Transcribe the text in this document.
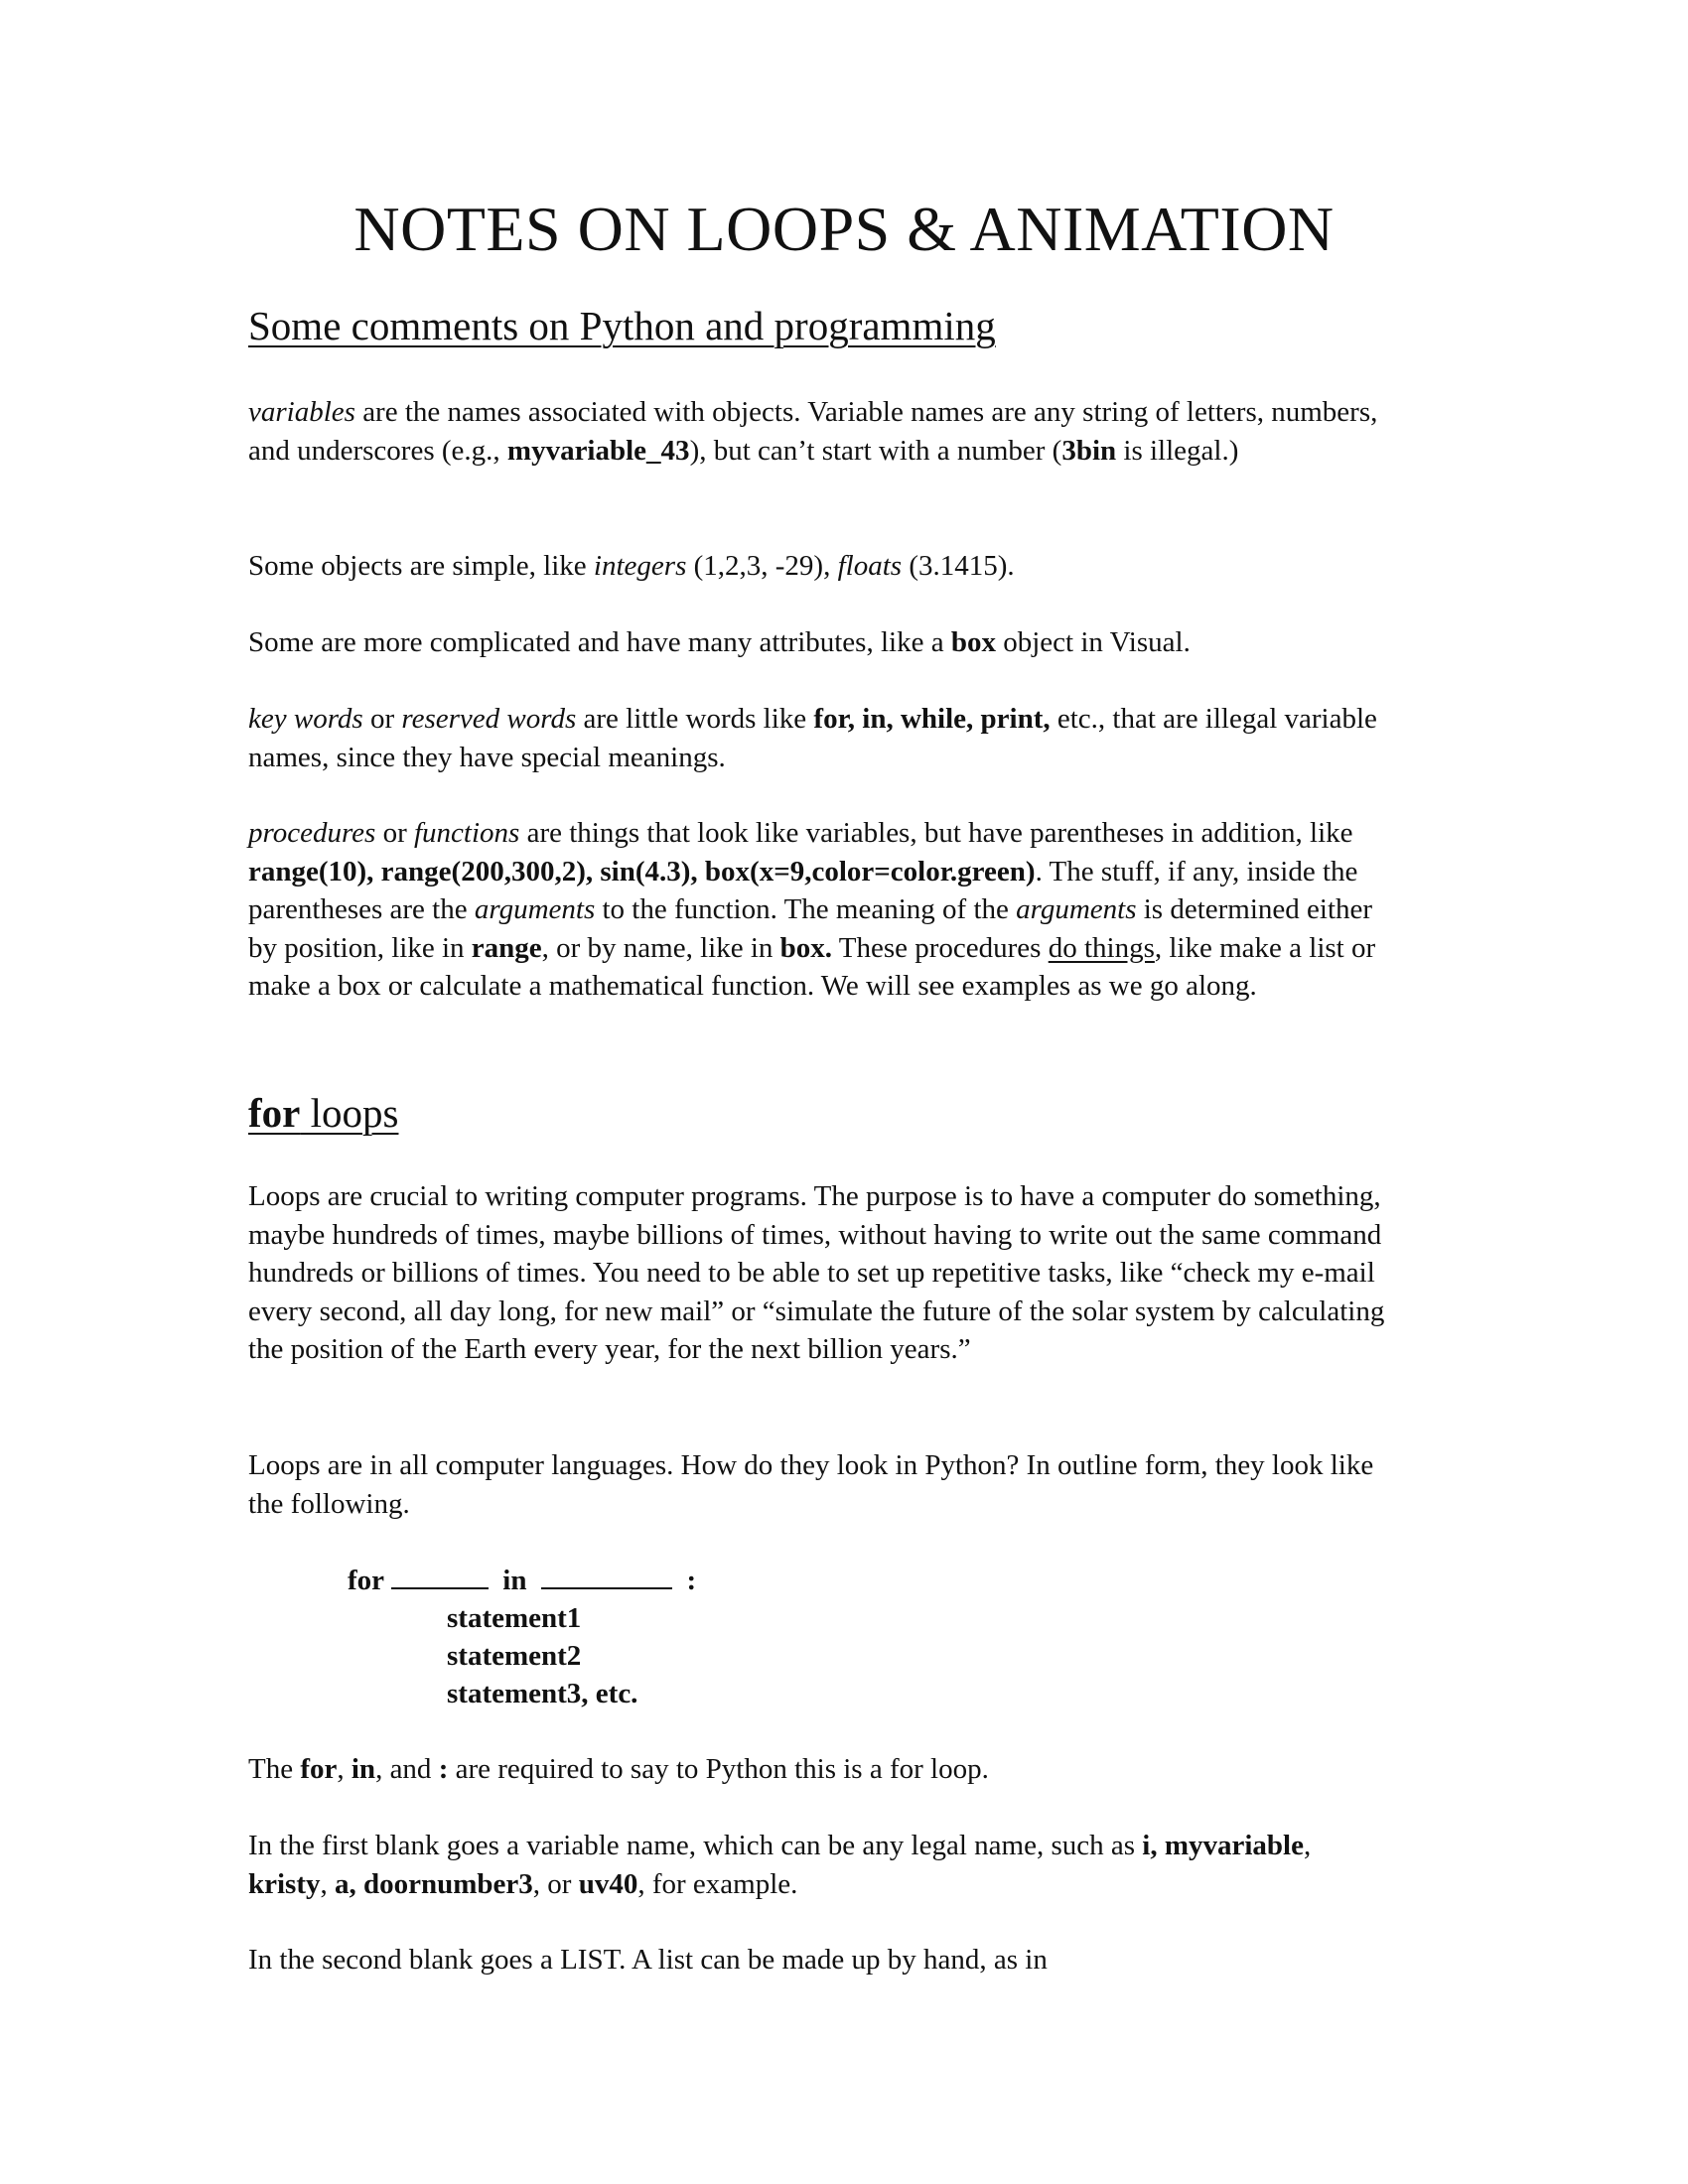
NOTES ON LOOPS & ANIMATION
Some comments on Python and programming

variables are the names associated with objects. Variable names are any string of letters, numbers, and underscores (e.g., myvariable_43), but can’t start with a number (3bin is illegal.)

Some objects are simple, like integers (1,2,3, -29), floats (3.1415).

Some are more complicated and have many attributes, like a box object in Visual.

key words or reserved words are little words like for, in, while, print, etc., that are illegal variable names, since they have special meanings.

procedures or functions are things that look like variables, but have parentheses in addition, like range(10), range(200,300,2), sin(4.3), box(x=9,color=color.green). The stuff, if any, inside the parentheses are the arguments to the function. The meaning of the arguments is determined either by position, like in range, or by name, like in box. These procedures do things, like make a list or make a box or calculate a mathematical function. We will see examples as we go along.

for loops

Loops are crucial to writing computer programs. The purpose is to have a computer do something, maybe hundreds of times, maybe billions of times, without having to write out the same command hundreds or billions of times. You need to be able to set up repetitive tasks, like “check my e-mail every second, all day long, for new mail” or “simulate the future of the solar system by calculating the position of the Earth every year, for the next billion years.”

Loops are in all computer languages. How do they look in Python? In outline form, they look like the following.

for	in	:
statement1
statement2
statement3, etc.

The for, in, and : are required to say to Python this is a for loop.

In the first blank goes a variable name, which can be any legal name, such as i, myvariable, kristy, a, doornumber3, or uv40, for example.

In the second blank goes a LIST. A list can be made up by hand, as in
